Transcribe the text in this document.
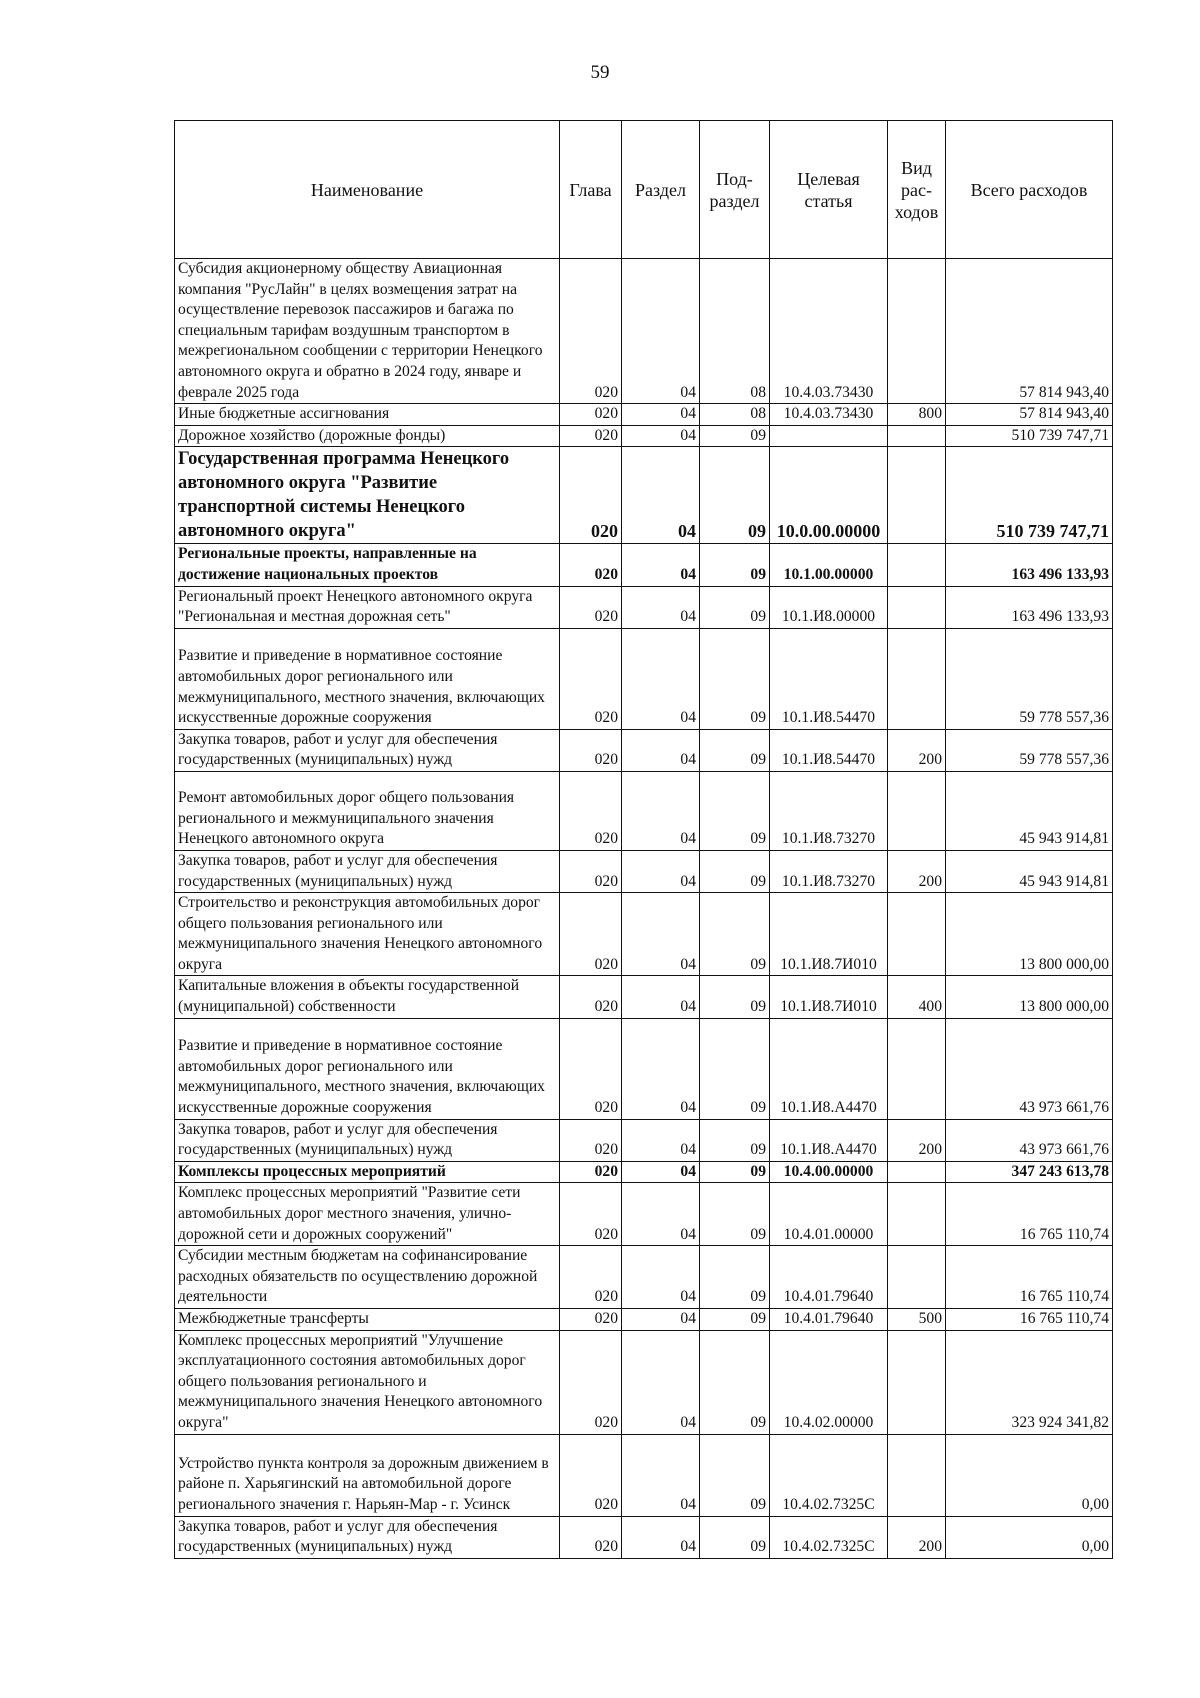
59
Наименование	Глава	Раздел	Под-раздел	Целевая статья	Вид рас-ходов	Всего расходов
Субсидия акционерному обществу Авиационная компания "РусЛайн" в целях возмещения затрат на осуществление перевозок пассажиров и багажа по специальным тарифам воздушным транспортом в межрегиональном сообщении с территории Ненецкого автономного округа и обратно в 2024 году, январе и феврале 2025 года	020	04	08	10.4.03.73430		57 814 943,40
Иные бюджетные ассигнования	020	04	08	10.4.03.73430	800	57 814 943,40
Дорожное хозяйство (дорожные фонды)	020	04	09			510 739 747,71
Государственная программа Ненецкого автономного округа "Развитие транспортной системы Ненецкого автономного округа"	020	04	09	10.0.00.00000		510 739 747,71
Региональные проекты, направленные на достижение национальных проектов	020	04	09	10.1.00.00000		163 496 133,93
Региональный проект Ненецкого автономного округа "Региональная и местная дорожная сеть"	020	04	09	10.1.И8.00000		163 496 133,93
Развитие и приведение в нормативное состояние автомобильных дорог регионального или межмуниципального, местного значения, включающих искусственные дорожные сооружения	020	04	09	10.1.И8.54470		59 778 557,36
Закупка товаров, работ и услуг для обеспечения государственных (муниципальных) нужд	020	04	09	10.1.И8.54470	200	59 778 557,36
Ремонт автомобильных дорог общего пользования регионального и межмуниципального значения Ненецкого автономного округа	020	04	09	10.1.И8.73270		45 943 914,81
Закупка товаров, работ и услуг для обеспечения государственных (муниципальных) нужд	020	04	09	10.1.И8.73270	200	45 943 914,81
Строительство и реконструкция автомобильных дорог общего пользования регионального или межмуниципального значения Ненецкого автономного округа	020	04	09	10.1.И8.7И010		13 800 000,00
Капитальные вложения в объекты государственной (муниципальной) собственности	020	04	09	10.1.И8.7И010	400	13 800 000,00
Развитие и приведение в нормативное состояние автомобильных дорог регионального или межмуниципального, местного значения, включающих искусственные дорожные сооружения	020	04	09	10.1.И8.А4470		43 973 661,76
Закупка товаров, работ и услуг для обеспечения государственных (муниципальных) нужд	020	04	09	10.1.И8.А4470	200	43 973 661,76
Комплексы процессных мероприятий	020	04	09	10.4.00.00000		347 243 613,78
Комплекс процессных мероприятий "Развитие сети автомобильных дорог местного значения, улично-дорожной сети и дорожных сооружений"	020	04	09	10.4.01.00000		16 765 110,74
Субсидии местным бюджетам на софинансирование расходных обязательств по осуществлению дорожной деятельности	020	04	09	10.4.01.79640		16 765 110,74
Межбюджетные трансферты	020	04	09	10.4.01.79640	500	16 765 110,74
Комплекс процессных мероприятий "Улучшение эксплуатационного состояния автомобильных дорог общего пользования регионального и межмуниципального значения Ненецкого автономного округа"	020	04	09	10.4.02.00000		323 924 341,82
Устройство пункта контроля за дорожным движением в районе п. Харьягинский на автомобильной дороге регионального значения г. Нарьян-Мар - г. Усинск	020	04	09	10.4.02.7325С		0,00
Закупка товаров, работ и услуг для обеспечения государственных (муниципальных) нужд	020	04	09	10.4.02.7325С	200	0,00
